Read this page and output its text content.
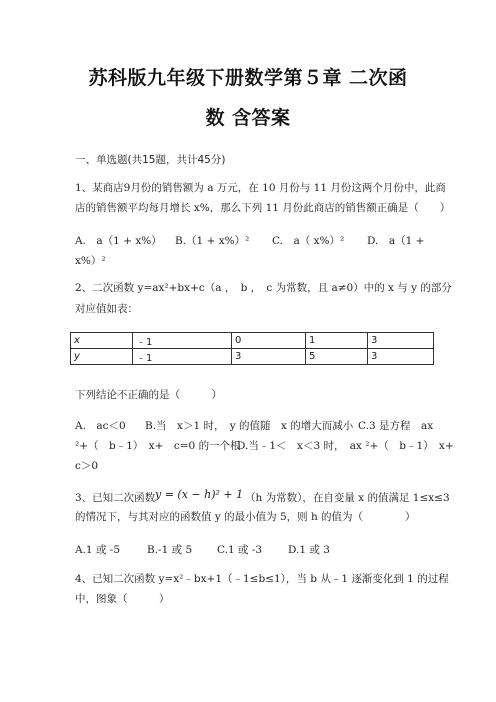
苏科版九年级下册数学第５章 二次函
数 含答案
一、单选题(共15题，共计45分)
1、某商店9月份的销售额为 a 万元，在 10 月份与 11 月份这两个月份中，此商
店的销售额平均每月增长 x%，那么下列 11 月份此商店的销售额正确是（　　）
A.　a（1 + x%） B.（1 + x%）² C.　a（ x%）² D.　a（1 +
x%）²
2、二次函数 y=ax²+bx+c（a ，　b ，　c 为常数，且 a≠0）中的 x 与 y 的部分
对应值如表：
x	﹣1	0	1	3
y	﹣1	3	5	3
下列结论不正确的是（　　　）
A.　ac＜0 B.当　x＞1 时，　y 的值随　x 的增大而减小 C.3 是方程　ax
²+（　b﹣1）　x+　c=0 的一个根
D.当﹣1＜　x＜3 时，　ax ²+（　b﹣1）　x+
c＞0
3、已知二次函数 y = (x − h)² + 1 （h 为常数），在自变量 x 的值满足 1≤x≤3
的情况下，与其对应的函数值 y 的最小值为 5，则 h 的值为（　　　　）
A.1 或 -5	B.-1 或 5 C.1 或 -3 D.1 或 3
4、已知二次函数 y=x²﹣bx+1（﹣1≤b≤1），当 b 从﹣1 逐渐变化到 1 的过程
中，图象（　　　）
